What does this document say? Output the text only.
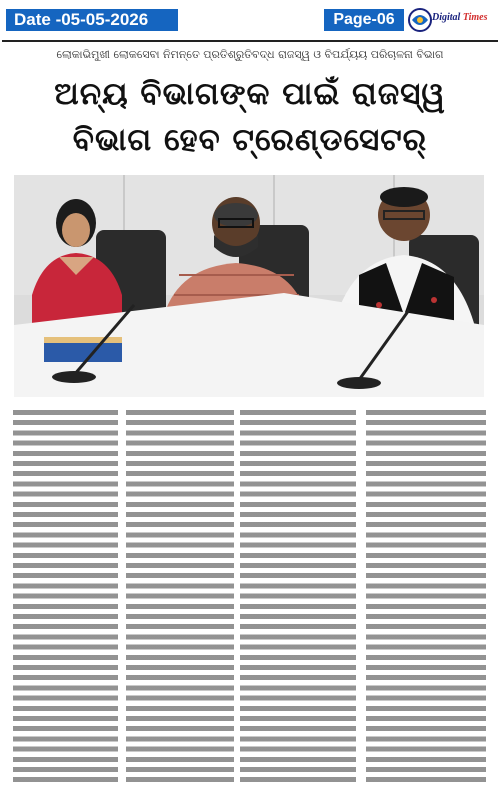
Date -05-05-2026	Page-06	Digital Times
ଲୋକାଭିମୁଖୀ ଲୋକସେବା ନିମନ୍ତେ ପ୍ରତିଶ୍ରୁତିବଦ୍ଧ ରାଜସ୍ୱ ଓ ବିପର୍ଯ୍ୟୟ ପରିଚାଳନା ବିଭାଗ
ଅନ୍ୟ ବିଭାଗଙ୍କ ପାଇଁ ରାଜସ୍ୱ
ବିଭାଗ ହେବ ଟ୍ରେଣ୍ଡସେଟର୍
